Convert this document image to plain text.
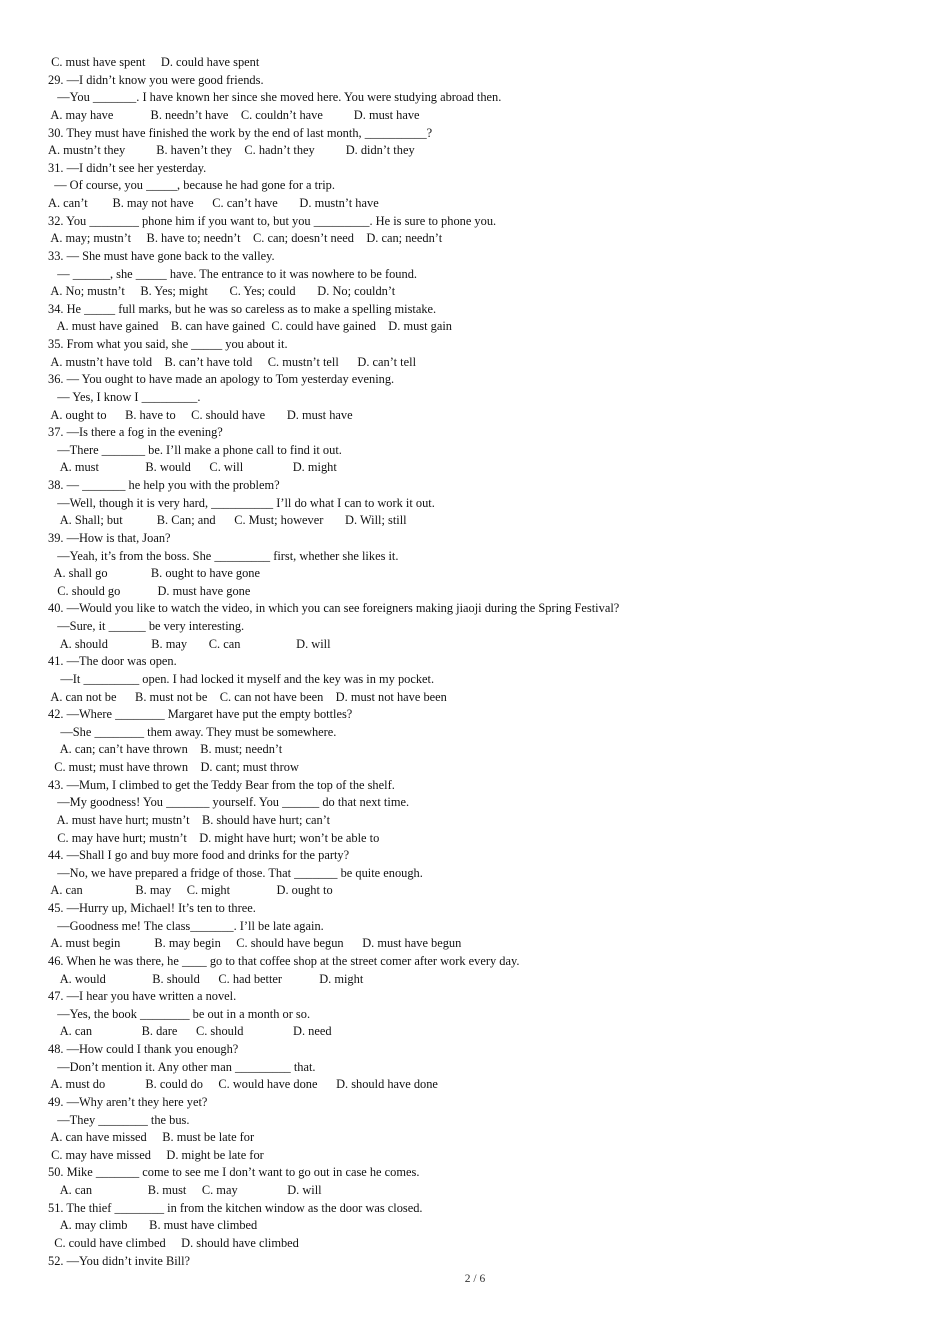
C. must have spent     D. could have spent
29. —I didn’t know you were good friends.
—You _______. I have known her since she moved here. You were studying abroad then.
A. may have            B. needn’t have    C. couldn’t have          D. must have
30. They must have finished the work by the end of last month, __________?
A. mustn’t they          B. haven’t they    C. hadn’t they          D. didn’t they
31. —I didn’t see her yesterday.
— Of course, you _____, because he had gone for a trip.
A. can’t        B. may not have      C. can’t have       D. mustn’t have
32. You ________ phone him if you want to, but you _________. He is sure to phone you.
A. may; mustn’t     B. have to; needn’t    C. can; doesn’t need    D. can; needn’t
33. — She must have gone back to the valley.
— ______, she _____ have. The entrance to it was nowhere to be found.
A. No; mustn’t     B. Yes; might       C. Yes; could       D. No; couldn’t
34. He _____ full marks, but he was so careless as to make a spelling mistake.
A. must have gained    B. can have gained  C. could have gained    D. must gain
35. From what you said, she _____ you about it.
A. mustn’t have told    B. can’t have told     C. mustn’t tell      D. can’t tell
36. — You ought to have made an apology to Tom yesterday evening.
— Yes, I know I _________.
A. ought to      B. have to     C. should have       D. must have
37. —Is there a fog in the evening?
—There _______ be. I’ll make a phone call to find it out.
A. must               B. would      C. will                D. might
38. — _______ he help you with the problem?
—Well, though it is very hard, __________ I’ll do what I can to work it out.
A. Shall; but           B. Can; and      C. Must; however       D. Will; still
39. —How is that, Joan?
—Yeah, it’s from the boss. She _________ first, whether she likes it.
A. shall go              B. ought to have gone
C. should go            D. must have gone
40. —Would you like to watch the video, in which you can see foreigners making jiaoji during the Spring Festival?
—Sure, it ______ be very interesting.
A. should              B. may       C. can                  D. will
41. —The door was open.
—It _________ open. I had locked it myself and the key was in my pocket.
A. can not be      B. must not be    C. can not have been    D. must not have been
42. —Where ________ Margaret have put the empty bottles?
—She ________ them away. They must be somewhere.
A. can; can’t have thrown    B. must; needn’t
C. must; must have thrown    D. cant; must throw
43. —Mum, I climbed to get the Teddy Bear from the top of the shelf.
—My goodness! You _______ yourself. You ______ do that next time.
A. must have hurt; mustn’t    B. should have hurt; can’t
C. may have hurt; mustn’t    D. might have hurt; won’t be able to
44. —Shall I go and buy more food and drinks for the party?
—No, we have prepared a fridge of those. That _______ be quite enough.
A. can                 B. may     C. might               D. ought to
45. —Hurry up, Michael! It’s ten to three.
—Goodness me! The class_______. I’ll be late again.
A. must begin           B. may begin     C. should have begun      D. must have begun
46. When he was there, he ____ go to that coffee shop at the street comer after work every day.
A. would               B. should      C. had better            D. might
47. —I hear you have written a novel.
—Yes, the book ________ be out in a month or so.
A. can                B. dare      C. should                D. need
48. —How could I thank you enough?
—Don’t mention it. Any other man _________ that.
A. must do             B. could do     C. would have done      D. should have done
49. —Why aren’t they here yet?
—They ________ the bus.
A. can have missed     B. must be late for
C. may have missed     D. might be late for
50. Mike _______ come to see me I don’t want to go out in case he comes.
A. can                  B. must     C. may                D. will
51. The thief ________ in from the kitchen window as the door was closed.
A. may climb       B. must have climbed
C. could have climbed     D. should have climbed
52. —You didn’t invite Bill?
2 / 6
